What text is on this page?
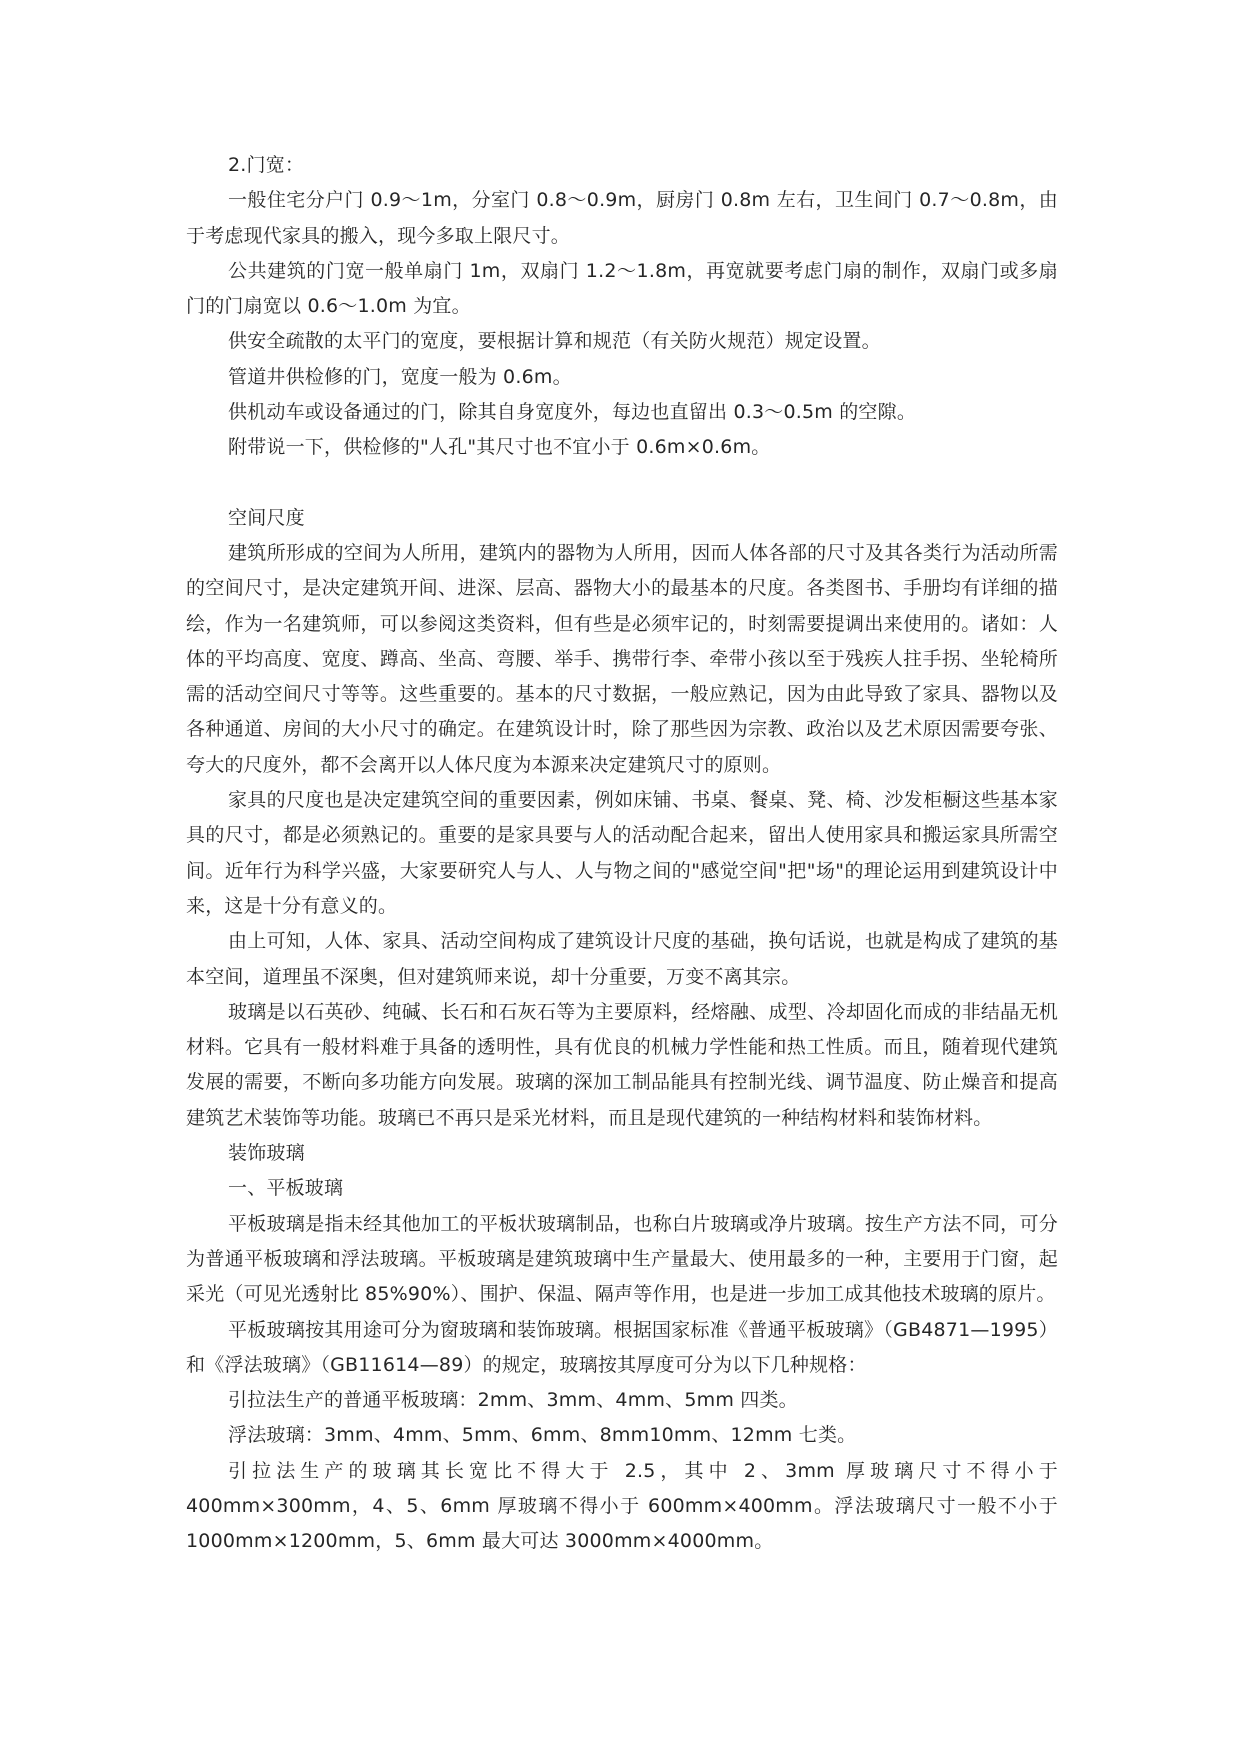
2.门宽：

一般住宅分户门 0.9～1m，分室门 0.8～0.9m，厨房门 0.8m 左右，卫生间门 0.7～0.8m，由于考虑现代家具的搬入，现今多取上限尺寸。

公共建筑的门宽一般单扇门 1m，双扇门 1.2～1.8m，再宽就要考虑门扇的制作，双扇门或多扇门的门扇宽以 0.6～1.0m 为宜。

供安全疏散的太平门的宽度，要根据计算和规范（有关防火规范）规定设置。

管道井供检修的门，宽度一般为 0.6m。

供机动车或设备通过的门，除其自身宽度外，每边也直留出 0.3～0.5m 的空隙。

附带说一下，供检修的"人孔"其尺寸也不宜小于 0.6m×0.6m。

空间尺度

建筑所形成的空间为人所用，建筑内的器物为人所用，因而人体各部的尺寸及其各类行为活动所需的空间尺寸，是决定建筑开间、进深、层高、器物大小的最基本的尺度。各类图书、手册均有详细的描绘，作为一名建筑师，可以参阅这类资料，但有些是必须牢记的，时刻需要提调出来使用的。诸如：人体的平均高度、宽度、蹲高、坐高、弯腰、举手、携带行李、牵带小孩以至于残疾人拄手拐、坐轮椅所需的活动空间尺寸等等。这些重要的。基本的尺寸数据，一般应熟记，因为由此导致了家具、器物以及各种通道、房间的大小尺寸的确定。在建筑设计时，除了那些因为宗教、政治以及艺术原因需要夸张、夸大的尺度外，都不会离开以人体尺度为本源来决定建筑尺寸的原则。

家具的尺度也是决定建筑空间的重要因素，例如床铺、书桌、餐桌、凳、椅、沙发柜橱这些基本家具的尺寸，都是必须熟记的。重要的是家具要与人的活动配合起来，留出人使用家具和搬运家具所需空间。近年行为科学兴盛，大家要研究人与人、人与物之间的"感觉空间"把"场"的理论运用到建筑设计中来，这是十分有意义的。

由上可知，人体、家具、活动空间构成了建筑设计尺度的基础，换句话说，也就是构成了建筑的基本空间，道理虽不深奥，但对建筑师来说，却十分重要，万变不离其宗。

玻璃是以石英砂、纯碱、长石和石灰石等为主要原料，经熔融、成型、冷却固化而成的非结晶无机材料。它具有一般材料难于具备的透明性，具有优良的机械力学性能和热工性质。而且，随着现代建筑发展的需要，不断向多功能方向发展。玻璃的深加工制品能具有控制光线、调节温度、防止燥音和提高建筑艺术装饰等功能。玻璃已不再只是采光材料，而且是现代建筑的一种结构材料和装饰材料。

装饰玻璃

一、平板玻璃

平板玻璃是指未经其他加工的平板状玻璃制品，也称白片玻璃或净片玻璃。按生产方法不同，可分为普通平板玻璃和浮法玻璃。平板玻璃是建筑玻璃中生产量最大、使用最多的一种，主要用于门窗，起采光（可见光透射比 85%90%）、围护、保温、隔声等作用，也是进一步加工成其他技术玻璃的原片。

平板玻璃按其用途可分为窗玻璃和装饰玻璃。根据国家标准《普通平板玻璃》（GB4871—1995）和《浮法玻璃》（GB11614—89）的规定，玻璃按其厚度可分为以下几种规格：

引拉法生产的普通平板玻璃：2mm、3mm、4mm、5mm 四类。

浮法玻璃：3mm、4mm、5mm、6mm、8mm10mm、12mm 七类。

引拉法生产的玻璃其长宽比不得大于 2.5，其中 2、3mm 厚玻璃尺寸不得小于 400mm×300mm，4、5、6mm 厚玻璃不得小于 600mm×400mm。浮法玻璃尺寸一般不小于 1000mm×1200mm，5、6mm 最大可达 3000mm×4000mm。
